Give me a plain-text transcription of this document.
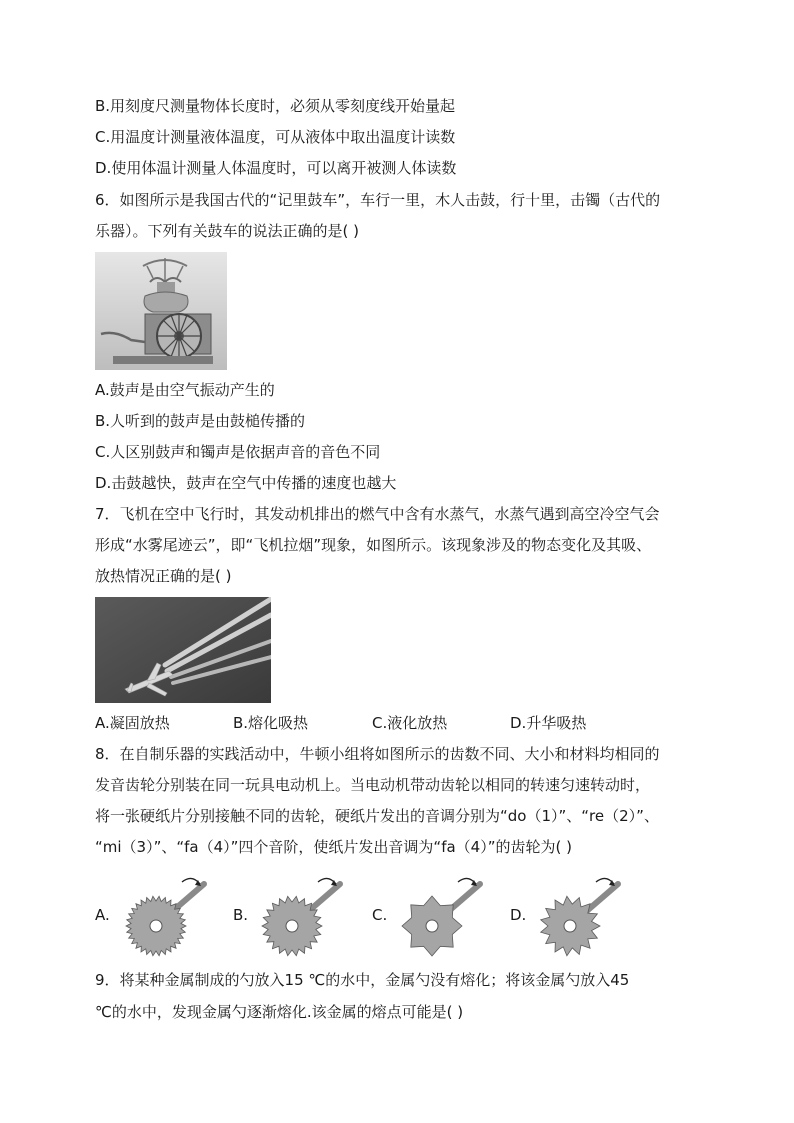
B.用刻度尺测量物体长度时，必须从零刻度线开始量起
C.用温度计测量液体温度，可从液体中取出温度计读数
D.使用体温计测量人体温度时，可以离开被测人体读数
6．如图所示是我国古代的“记里鼓车”，车行一里，木人击鼓，行十里，击镯（古代的
乐器）。下列有关鼓车的说法正确的是( )
A.鼓声是由空气振动产生的
B.人听到的鼓声是由鼓槌传播的
C.人区别鼓声和镯声是依据声音的音色不同
D.击鼓越快，鼓声在空气中传播的速度也越大
7．飞机在空中飞行时，其发动机排出的燃气中含有水蒸气，水蒸气遇到高空冷空气会
形成“水雾尾迹云”，即“飞机拉烟”现象，如图所示。该现象涉及的物态变化及其吸、
放热情况正确的是( )
A.凝固放热	B.熔化吸热	C.液化放热	D.升华吸热
8．在自制乐器的实践活动中，牛顿小组将如图所示的齿数不同、大小和材料均相同的
发音齿轮分别装在同一玩具电动机上。当电动机带动齿轮以相同的转速匀速转动时，
将一张硬纸片分别接触不同的齿轮，硬纸片发出的音调分别为“do（1）”、“re（2）”、
“mi（3）”、“fa（4）”四个音阶，使纸片发出音调为“fa（4）”的齿轮为( )
A.	B.	C.	D.
9．将某种金属制成的勺放入15 ℃的水中，金属勺没有熔化；将该金属勺放入45
℃的水中，发现金属勺逐渐熔化.该金属的熔点可能是( )
